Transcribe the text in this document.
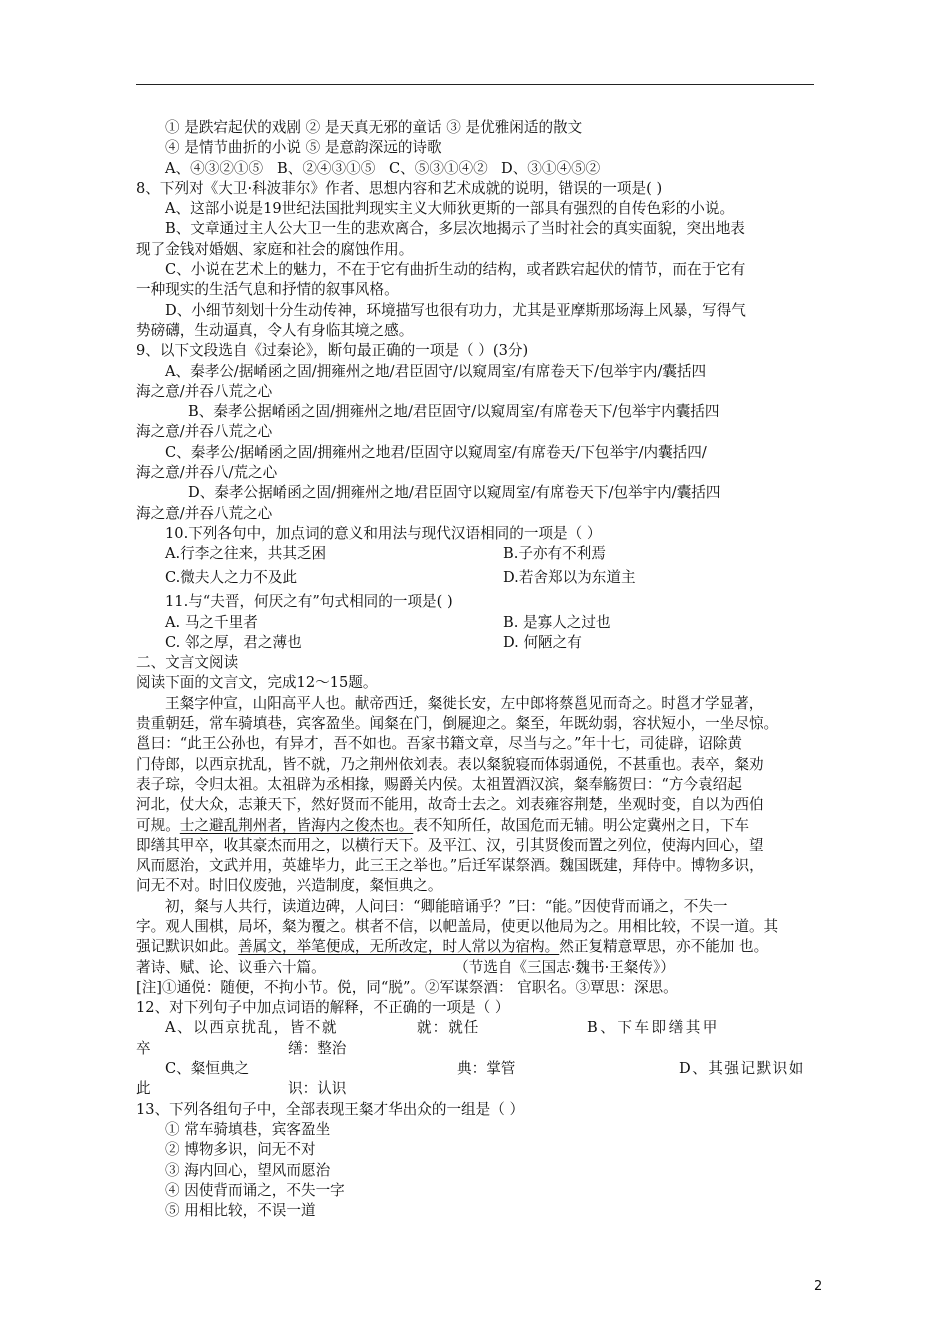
① 是跌宕起伏的戏剧 ② 是天真无邪的童话 ③ 是优雅闲适的散文
④ 是情节曲折的小说 ⑤ 是意韵深远的诗歌
A、④③②①⑤ B、②④③①⑤ C、⑤③①④② D、③①④⑤②
8、下列对《大卫·科波菲尔》作者、思想内容和艺术成就的说明，错误的一项是( )
A、这部小说是19世纪法国批判现实主义大师狄更斯的一部具有强烈的自传色彩的小说。
B、文章通过主人公大卫一生的悲欢离合，多层次地揭示了当时社会的真实面貌，突出地表
现了金钱对婚姻、家庭和社会的腐蚀作用。
C、小说在艺术上的魅力，不在于它有曲折生动的结构，或者跌宕起伏的情节，而在于它有
一种现实的生活气息和抒情的叙事风格。
D、小细节刻划十分生动传神，环境描写也很有功力，尤其是亚摩斯那场海上风暴，写得气
势磅礴，生动逼真，令人有身临其境之感。
9、以下文段选自《过秦论》，断句最正确的一项是（ ）(3分)
A、秦孝公/据崤函之固/拥雍州之地/君臣固守/以窥周室/有席卷天下/包举宇内/囊括四
海之意/并吞八荒之心
B、秦孝公据崤函之固/拥雍州之地/君臣固守/以窥周室/有席卷天下/包举宇内囊括四
海之意/并吞八荒之心
C、秦孝公/据崤函之固/拥雍州之地君/臣固守以窥周室/有席卷天/下包举宇/内囊括四/
海之意/并吞八/荒之心
D、秦孝公据崤函之固/拥雍州之地/君臣固守以窥周室/有席卷天下/包举宇内/囊括四
海之意/并吞八荒之心
10.下列各句中，加点词的意义和用法与现代汉语相同的一项是（ ）
A.行李之往来，共其乏困	B.子亦有不利焉
C.微夫人之力不及此	D.若舍郑以为东道主
11.与“夫晋，何厌之有”句式相同的一项是( )
A. 马之千里者	B. 是寡人之过也
C. 邻之厚，君之薄也	D. 何陋之有
二、文言文阅读
阅读下面的文言文，完成12～15题。
王粲字仲宣，山阳高平人也。献帝西迁，粲徙长安，左中郎将蔡邕见而奇之。时邕才学显著，
贵重朝廷，常车骑填巷，宾客盈坐。闻粲在门，倒屣迎之。粲至，年既幼弱，容状短小，一坐尽惊。
邕曰：“此王公孙也，有异才，吾不如也。吾家书籍文章，尽当与之。”年十七，司徒辟，诏除黄
门侍郎，以西京扰乱，皆不就，乃之荆州依刘表。表以粲貌寝而体弱通侻，不甚重也。表卒，粲劝
表子琮，令归太祖。太祖辟为丞相掾，赐爵关内侯。太祖置酒汉滨，粲奉觞贺曰：“方今袁绍起
河北，仗大众，志兼天下，然好贤而不能用，故奇士去之。刘表雍容荆楚，坐观时变，自以为西伯
可规。士之避乱荆州者，皆海内之俊杰也。表不知所任，故国危而无辅。明公定冀州之日，下车
即缮其甲卒，收其豪杰而用之，以横行天下。及平江、汉，引其贤俊而置之列位，使海内回心，望
风而愿治，文武并用，英雄毕力，此三王之举也。”后迁军谋祭酒。魏国既建，拜侍中。博物多识，
问无不对。时旧仪废弛，兴造制度，粲恒典之。
初，粲与人共行，读道边碑，人问曰：“卿能暗诵乎？”曰：“能。”因使背而诵之，不失一
字。观人围棋，局坏，粲为覆之。棋者不信，以帊盖局，使更以他局为之。用相比较，不误一道。其
强记默识如此。善属文，举笔便成，无所改定，时人常以为宿构。然正复精意覃思，亦不能加 也。
著诗、赋、论、议垂六十篇。	（节选自《三国志·魏书·王粲传》）
[注]①通侻：随便，不拘小节。侻，同“脱”。②军谋祭酒： 官职名。③覃思：深思。
12、对下列句子中加点词语的解释，不正确的一项是（ ）
A、以西京扰乱，皆不就	就：就任	B、下车即缮其甲
卒	缮：整治
C、粲恒典之	典：掌管	D、其强记默识如
此	识：认识
13、下列各组句子中，全部表现王粲才华出众的一组是（ ）
① 常车骑填巷，宾客盈坐
② 博物多识，问无不对
③ 海内回心，望风而愿治
④ 因使背而诵之，不失一字
⑤ 用相比较，不误一道
2
